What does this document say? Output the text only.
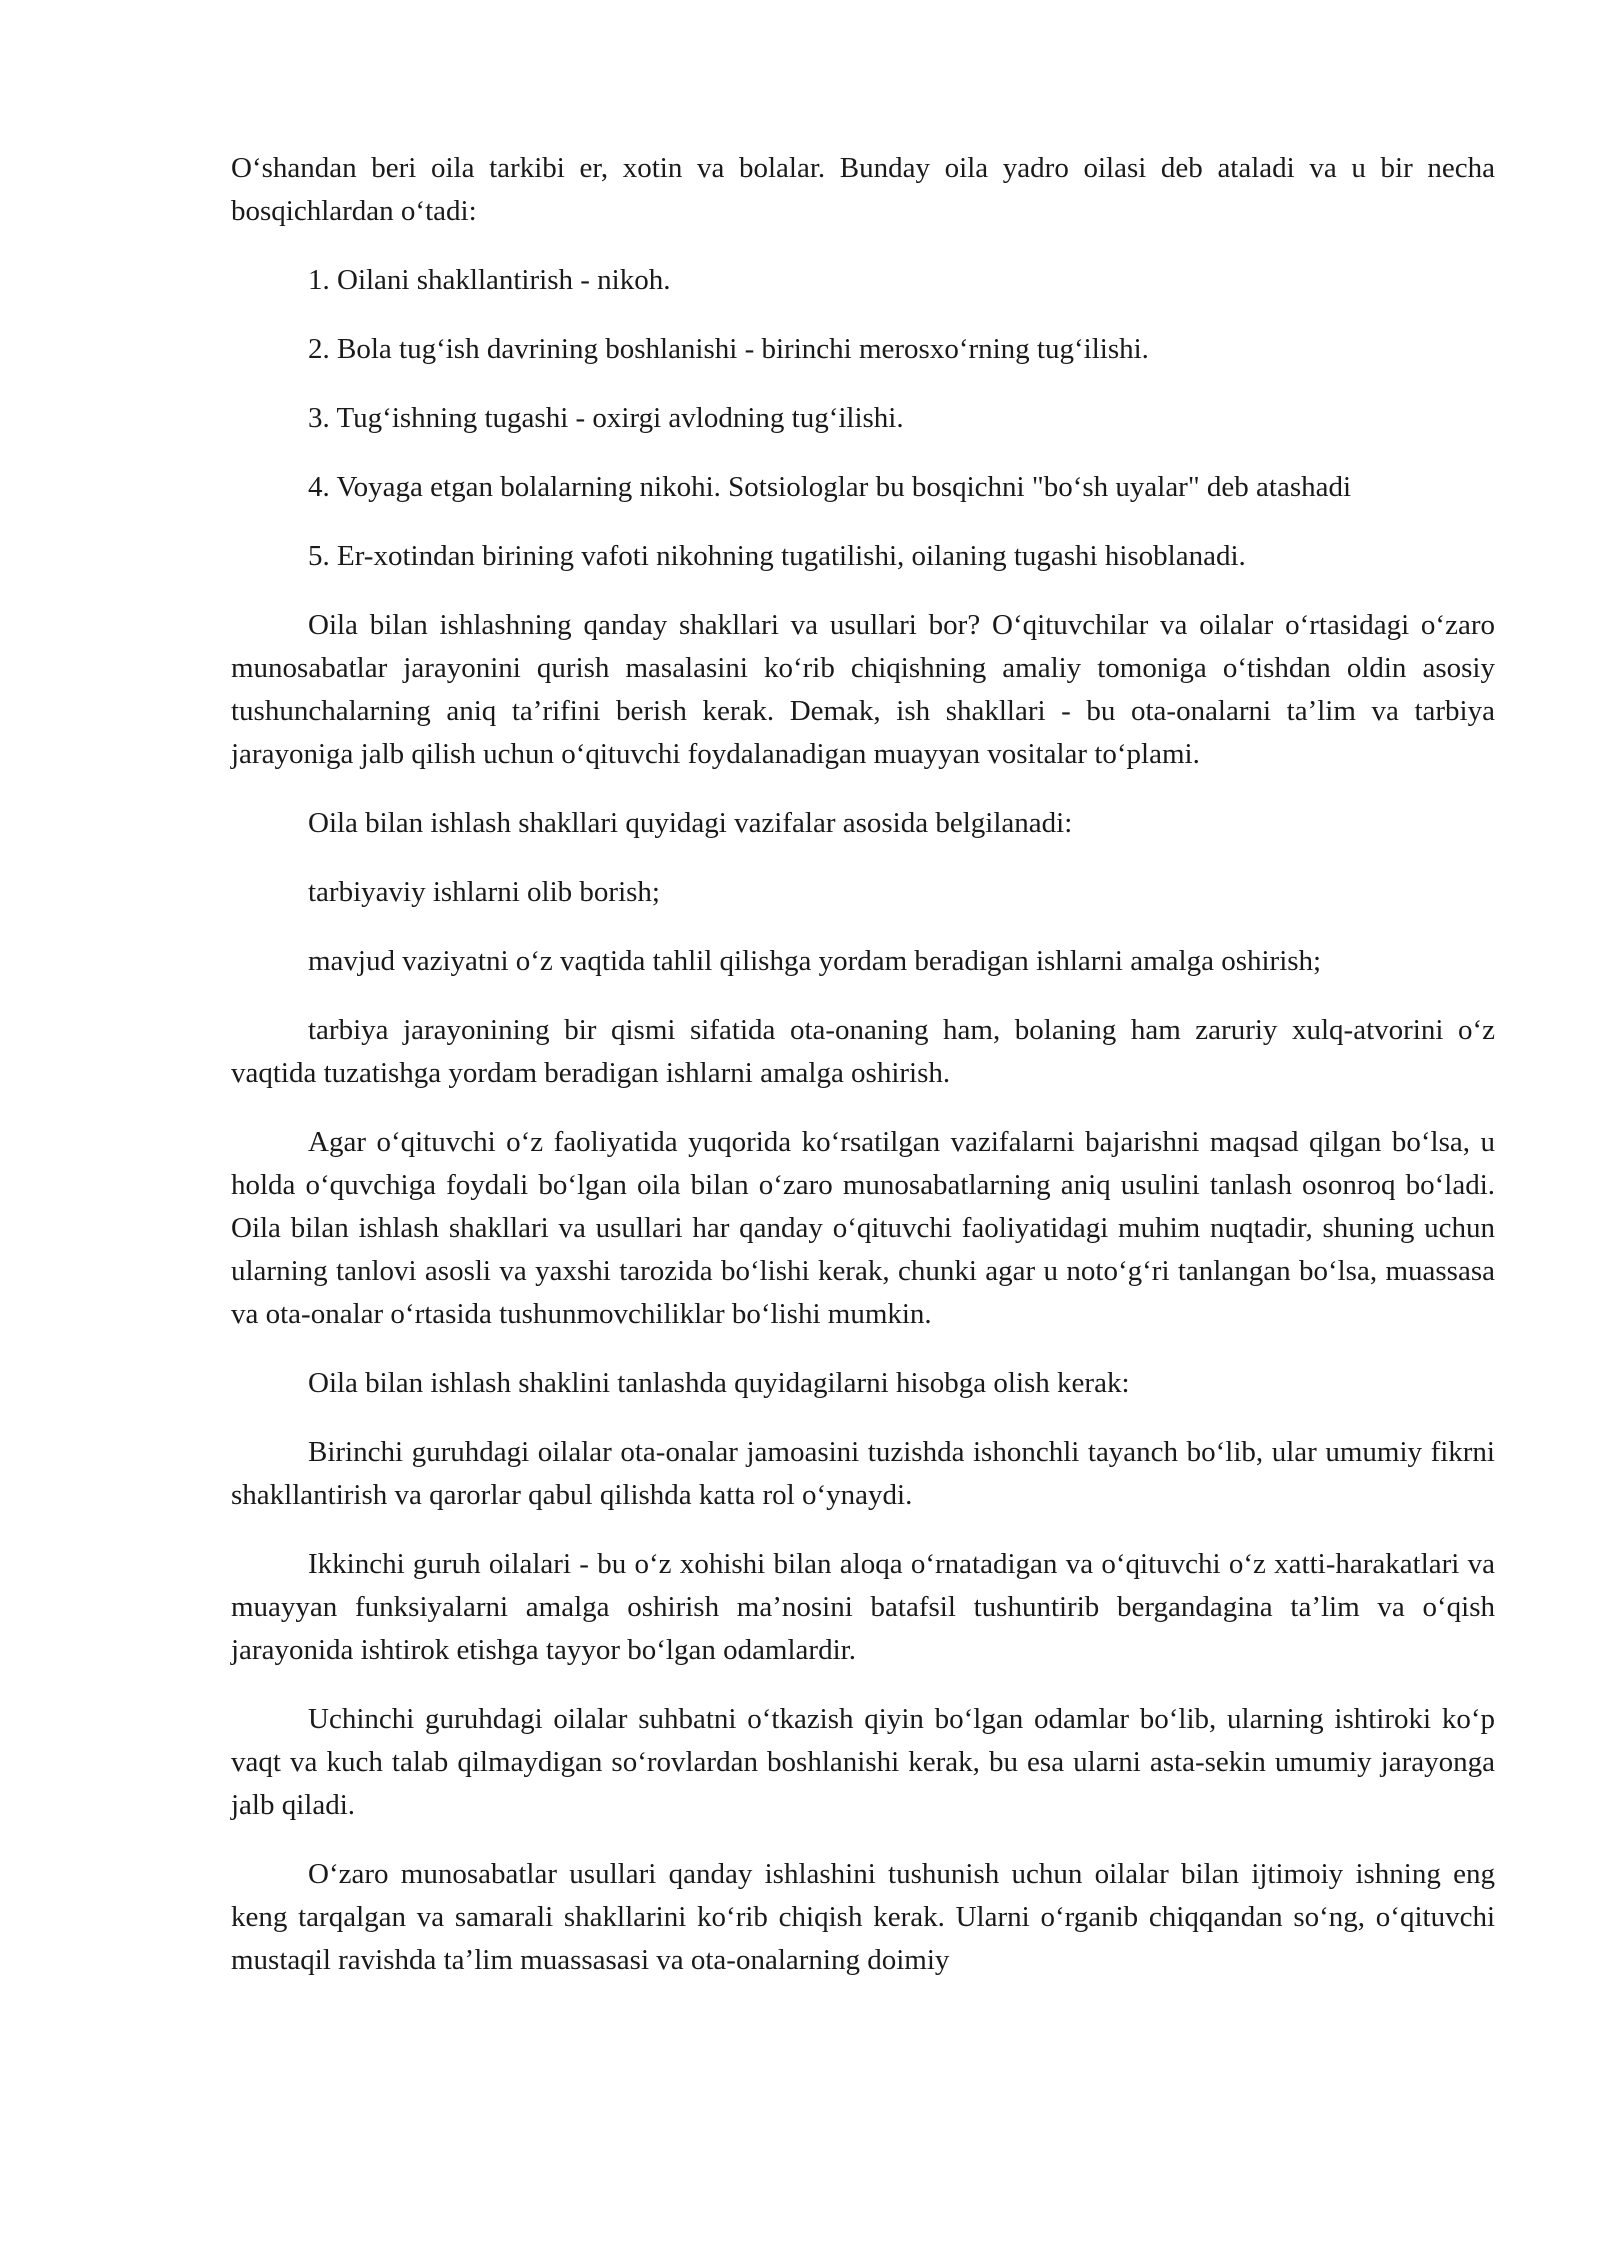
O‘shandan beri oila tarkibi er, xotin va bolalar. Bunday oila yadro oilasi deb ataladi va u bir necha bosqichlardan o‘tadi:

1. Oilani shakllantirish - nikoh.

2. Bola tug‘ish davrining boshlanishi - birinchi merosxo‘rning tug‘ilishi.

3. Tug‘ishning tugashi - oxirgi avlodning tug‘ilishi.

4. Voyaga etgan bolalarning nikohi. Sotsiologlar bu bosqichni "bo‘sh uyalar" deb atashadi

5. Er-xotindan birining vafoti nikohning tugatilishi, oilaning tugashi hisoblanadi.

Oila bilan ishlashning qanday shakllari va usullari bor? O‘qituvchilar va oilalar o‘rtasidagi o‘zaro munosabatlar jarayonini qurish masalasini ko‘rib chiqishning amaliy tomoniga o‘tishdan oldin asosiy tushunchalarning aniq ta’rifini berish kerak. Demak, ish shakllari - bu ota-onalarni ta’lim va tarbiya jarayoniga jalb qilish uchun o‘qituvchi foydalanadigan muayyan vositalar to‘plami.

Oila bilan ishlash shakllari quyidagi vazifalar asosida belgilanadi:

tarbiyaviy ishlarni olib borish;

mavjud vaziyatni o‘z vaqtida tahlil qilishga yordam beradigan ishlarni amalga oshirish;

tarbiya jarayonining bir qismi sifatida ota-onaning ham, bolaning ham zaruriy xulq-atvorini o‘z vaqtida tuzatishga yordam beradigan ishlarni amalga oshirish.

Agar o‘qituvchi o‘z faoliyatida yuqorida ko‘rsatilgan vazifalarni bajarishni maqsad qilgan bo‘lsa, u holda o‘quvchiga foydali bo‘lgan oila bilan o‘zaro munosabatlarning aniq usulini tanlash osonroq bo‘ladi. Oila bilan ishlash shakllari va usullari har qanday o‘qituvchi faoliyatidagi muhim nuqtadir, shuning uchun ularning tanlovi asosli va yaxshi tarozida bo‘lishi kerak, chunki agar u noto‘g‘ri tanlangan bo‘lsa, muassasa va ota-onalar o‘rtasida tushunmovchiliklar bo‘lishi mumkin.

Oila bilan ishlash shaklini tanlashda quyidagilarni hisobga olish kerak:

Birinchi guruhdagi oilalar ota-onalar jamoasini tuzishda ishonchli tayanch bo‘lib, ular umumiy fikrni shakllantirish va qarorlar qabul qilishda katta rol o‘ynaydi.

Ikkinchi guruh oilalari - bu o‘z xohishi bilan aloqa o‘rnatadigan va o‘qituvchi o‘z xatti-harakatlari va muayyan funksiyalarni amalga oshirish ma’nosini batafsil tushuntirib bergandagina ta’lim va o‘qish jarayonida ishtirok etishga tayyor bo‘lgan odamlardir.

Uchinchi guruhdagi oilalar suhbatni o‘tkazish qiyin bo‘lgan odamlar bo‘lib, ularning ishtiroki ko‘p vaqt va kuch talab qilmaydigan so‘rovlardan boshlanishi kerak, bu esa ularni asta-sekin umumiy jarayonga jalb qiladi.

O‘zaro munosabatlar usullari qanday ishlashini tushunish uchun oilalar bilan ijtimoiy ishning eng keng tarqalgan va samarali shakllarini ko‘rib chiqish kerak. Ularni o‘rganib chiqqandan so‘ng, o‘qituvchi mustaqil ravishda ta’lim muassasasi va ota-onalarning doimiy
